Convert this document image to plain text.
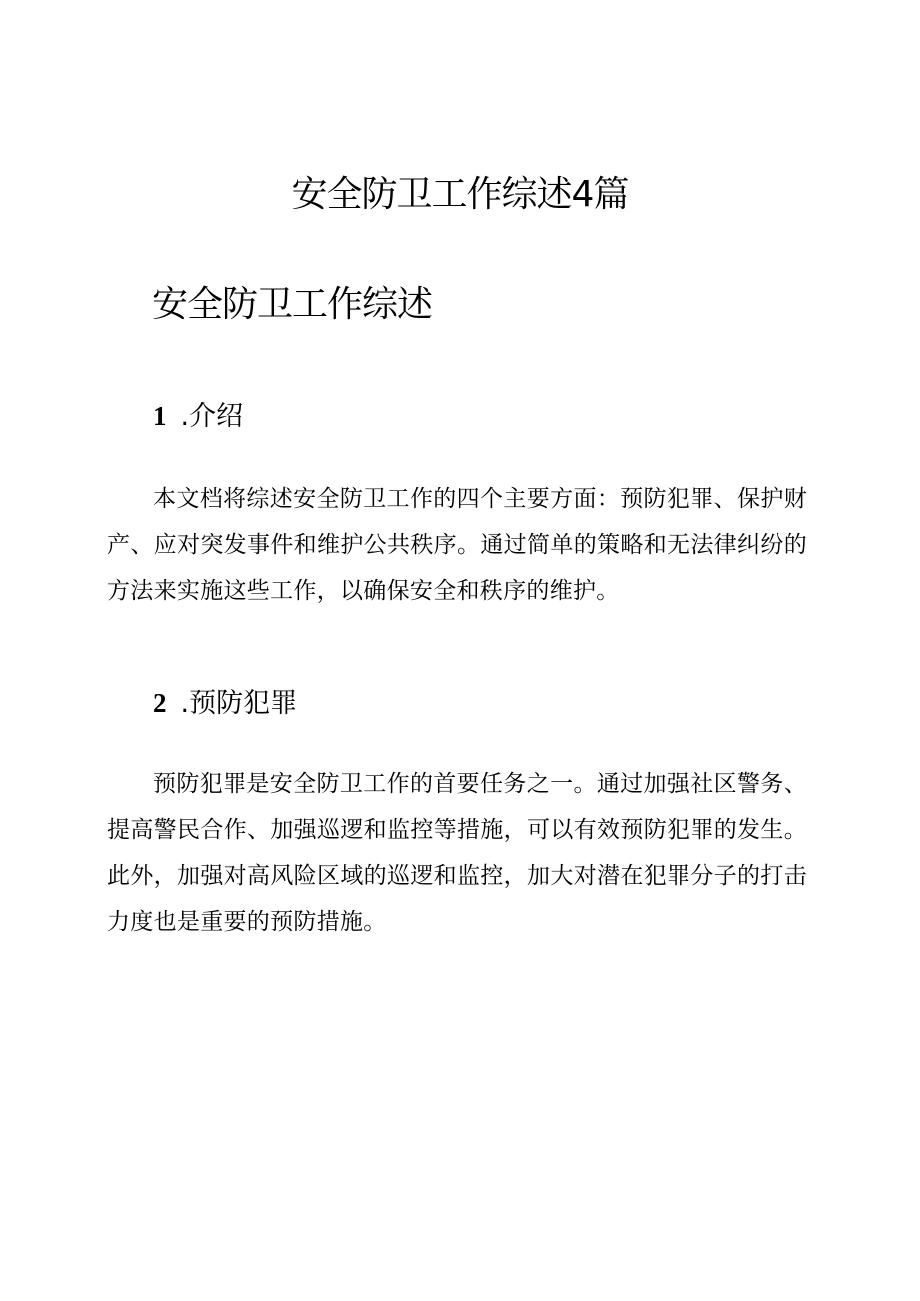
安全防卫工作综述4篇
安全防卫工作综述
1 .介绍

本文档将综述安全防卫工作的四个主要方面：预防犯罪、保护财产、应对突发事件和维护公共秩序。通过简单的策略和无法律纠纷的方法来实施这些工作，以确保安全和秩序的维护。

2 .预防犯罪

预防犯罪是安全防卫工作的首要任务之一。通过加强社区警务、提高警民合作、加强巡逻和监控等措施，可以有效预防犯罪的发生。此外，加强对高风险区域的巡逻和监控，加大对潜在犯罪分子的打击力度也是重要的预防措施。
